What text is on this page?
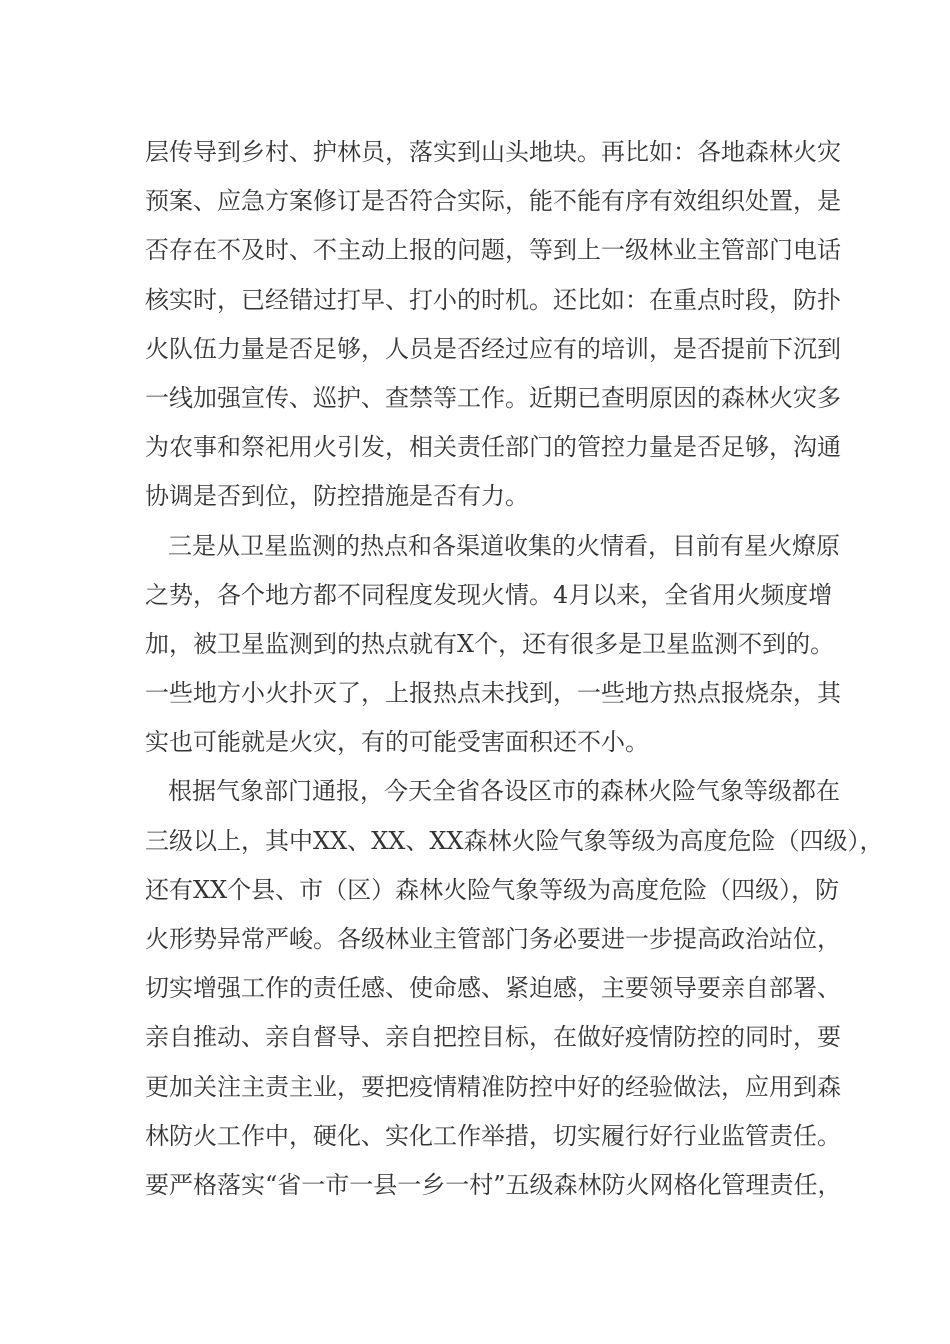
层传导到乡村、护林员，落实到山头地块。再比如：各地森林火灾
预案、应急方案修订是否符合实际，能不能有序有效组织处置，是
否存在不及时、不主动上报的问题，等到上一级林业主管部门电话
核实时，已经错过打早、打小的时机。还比如：在重点时段，防扑
火队伍力量是否足够，人员是否经过应有的培训，是否提前下沉到
一线加强宣传、巡护、查禁等工作。近期已查明原因的森林火灾多
为农事和祭祀用火引发，相关责任部门的管控力量是否足够，沟通
协调是否到位，防控措施是否有力。
三是从卫星监测的热点和各渠道收集的火情看，目前有星火燎原
之势，各个地方都不同程度发现火情。4月以来，全省用火频度增
加，被卫星监测到的热点就有X个，还有很多是卫星监测不到的。
一些地方小火扑灭了，上报热点未找到，一些地方热点报烧杂，其
实也可能就是火灾，有的可能受害面积还不小。
根据气象部门通报，今天全省各设区市的森林火险气象等级都在
三级以上，其中XX、XX、XX森林火险气象等级为高度危险（四级），
还有XX个县、市（区）森林火险气象等级为高度危险（四级），防
火形势异常严峻。各级林业主管部门务必要进一步提高政治站位，
切实增强工作的责任感、使命感、紧迫感，主要领导要亲自部署、
亲自推动、亲自督导、亲自把控目标，在做好疫情防控的同时，要
更加关注主责主业，要把疫情精准防控中好的经验做法，应用到森
林防火工作中，硬化、实化工作举措，切实履行好行业监管责任。
要严格落实“省一市一县一乡一村”五级森林防火网格化管理责任，
